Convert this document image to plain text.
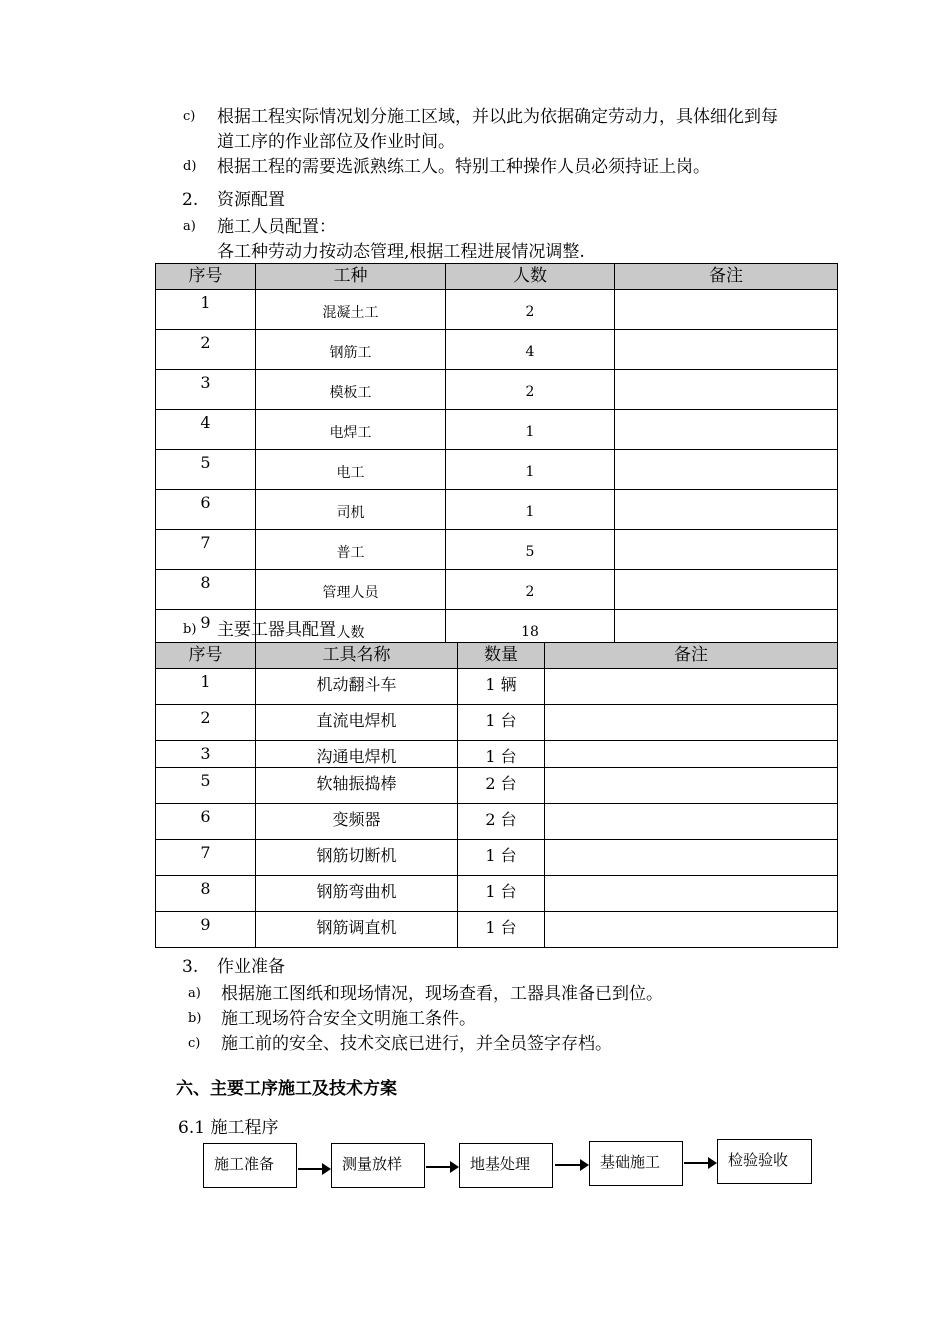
c) 根据工程实际情况划分施工区域，并以此为依据确定劳动力，具体细化到每
道工序的作业部位及作业时间。
d) 根据工程的需要选派熟练工人。特别工种操作人员必须持证上岗。
2. 资源配置
a) 施工人员配置：
各工种劳动力按动态管理,根据工程进展情况调整.
序号	工种	人数	备注
1	混凝土工	2	
2	钢筋工	4	
3	模板工	2	
4	电焊工	1	
5	电工	1	
6	司机	1	
7	普工	5	
8	管理人员	2	
9	人数	18	
b) 主要工器具配置
序号	工具名称	数量	备注
1	机动翻斗车	1 辆	
2	直流电焊机	1 台	
3	沟通电焊机	1 台	
5	软轴振捣棒	2 台	
6	变频器	2 台	
7	钢筋切断机	1 台	
8	钢筋弯曲机	1 台	
9	钢筋调直机	1 台	
3. 作业准备
a) 根据施工图纸和现场情况，现场查看，工器具准备已到位。
b) 施工现场符合安全文明施工条件。
c) 施工前的安全、技术交底已进行，并全员签字存档。
六、主要工序施工及技术方案
6.1 施工程序
施工准备	测量放样	地基处理	基础施工	检验验收
